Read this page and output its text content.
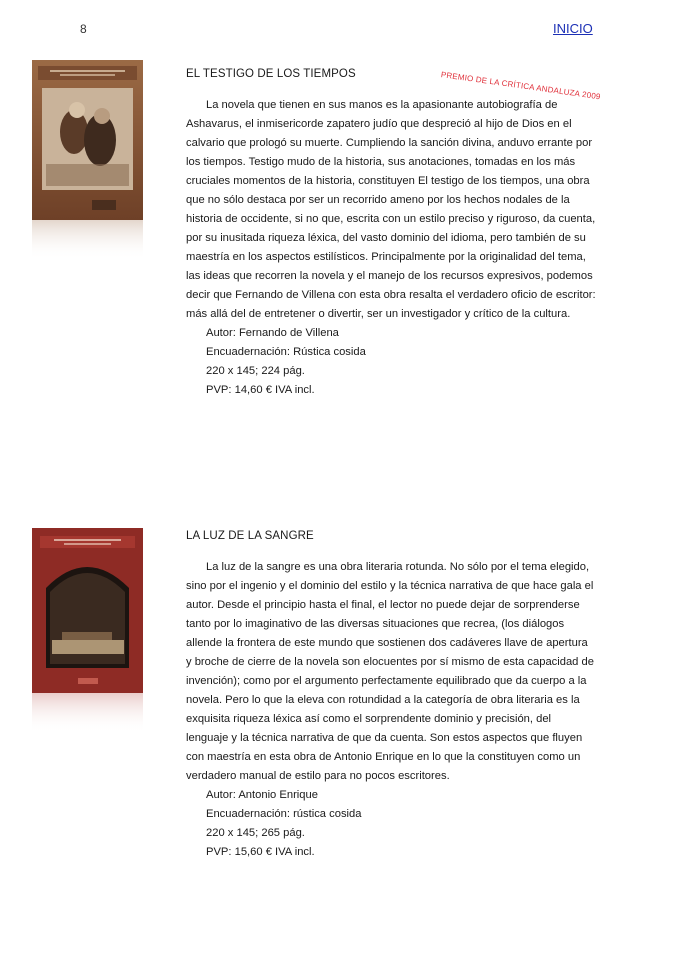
8	INICIO
PREMIO DE LA CRÍTICA ANDALUZA 2009
EL TESTIGO DE LOS TIEMPOS

La novela que tienen en sus manos es la apasionante autobiografía de Ashavarus, el inmisericorde zapatero judío que despreció al hijo de Dios en el calvario que prologó su muerte. Cumpliendo la sanción divina, anduvo errante por los tiempos. Testigo mudo de la historia, sus anotaciones, tomadas en los más cruciales momentos de la historia, constituyen El testigo de los tiempos, una obra que no sólo destaca por ser un recorrido ameno por los hechos nodales de la historia de occidente, si no que, escrita con un estilo preciso y riguroso, da cuenta, por su inusitada riqueza léxica, del vasto dominio del idioma, pero también de su maestría en los aspectos estilísticos. Principalmente por la originalidad del tema, las ideas que recorren la novela y el manejo de los recursos expresivos, podemos decir que Fernando de Villena con esta obra resalta el verdadero oficio de escritor: más allá del de entretener o divertir, ser un investigador y crítico de la cultura.

Autor: Fernando de Villena

Encuadernación: Rústica cosida

220 x 145; 224 pág.

PVP: 14,60 € IVA incl.

LA LUZ DE LA SANGRE

La luz de la sangre es una obra literaria rotunda. No sólo por el tema elegido, sino por el ingenio y el dominio del estilo y la técnica narrativa de que hace gala el autor. Desde el principio hasta el final, el lector no puede dejar de sorprenderse tanto por lo imaginativo de las diversas situaciones que recrea, (los diálogos allende la frontera de este mundo que sostienen dos cadáveres llave de apertura y broche de cierre de la novela son elocuentes por sí mismo de esta capacidad de invención); como por el argumento perfectamente equilibrado que da cuerpo a la novela. Pero lo que la eleva con rotundidad a la categoría de obra literaria es la exquisita riqueza léxica así como el sorprendente dominio y precisión, del lenguaje y la técnica narrativa de que da cuenta. Son estos aspectos que fluyen con maestría en esta obra de Antonio Enrique en lo que la constituyen como un verdadero manual de estilo para no pocos escritores.

Autor: Antonio Enrique

Encuadernación: rústica cosida

220 x 145; 265 pág.

PVP: 15,60 € IVA incl.
